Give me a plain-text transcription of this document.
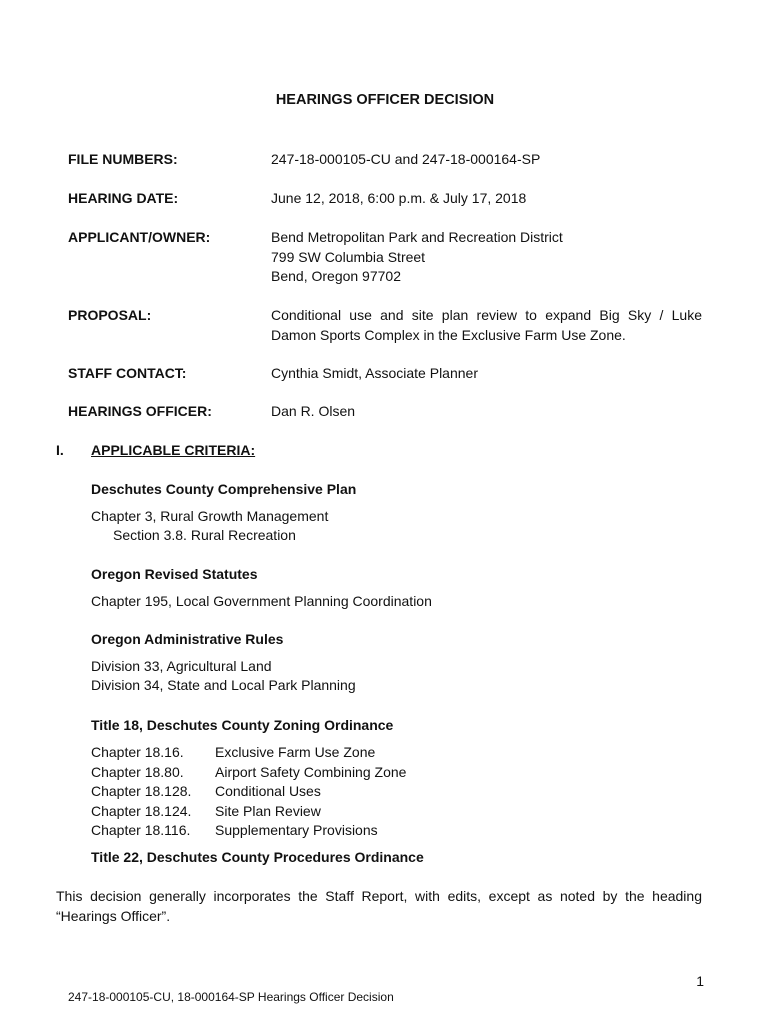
HEARINGS OFFICER DECISION
FILE NUMBERS:	247-18-000105-CU and 247-18-000164-SP
HEARING DATE:	June 12, 2018, 6:00 p.m. & July 17, 2018
APPLICANT/OWNER:	Bend Metropolitan Park and Recreation District
799 SW Columbia Street
Bend, Oregon 97702
PROPOSAL:	Conditional use and site plan review to expand Big Sky / Luke Damon Sports Complex in the Exclusive Farm Use Zone.
STAFF CONTACT:	Cynthia Smidt, Associate Planner
HEARINGS OFFICER:	Dan R. Olsen
I. APPLICABLE CRITERIA:
Deschutes County Comprehensive Plan
Chapter 3, Rural Growth Management
Section 3.8. Rural Recreation
Oregon Revised Statutes
Chapter 195, Local Government Planning Coordination
Oregon Administrative Rules
Division 33, Agricultural Land
Division 34, State and Local Park Planning
Title 18, Deschutes County Zoning Ordinance
Chapter 18.16. Exclusive Farm Use Zone
Chapter 18.80. Airport Safety Combining Zone
Chapter 18.128. Conditional Uses
Chapter 18.124. Site Plan Review
Chapter 18.116. Supplementary Provisions
Title 22, Deschutes County Procedures Ordinance
This decision generally incorporates the Staff Report, with edits, except as noted by the heading “Hearings Officer”.
1
247-18-000105-CU, 18-000164-SP Hearings Officer Decision
